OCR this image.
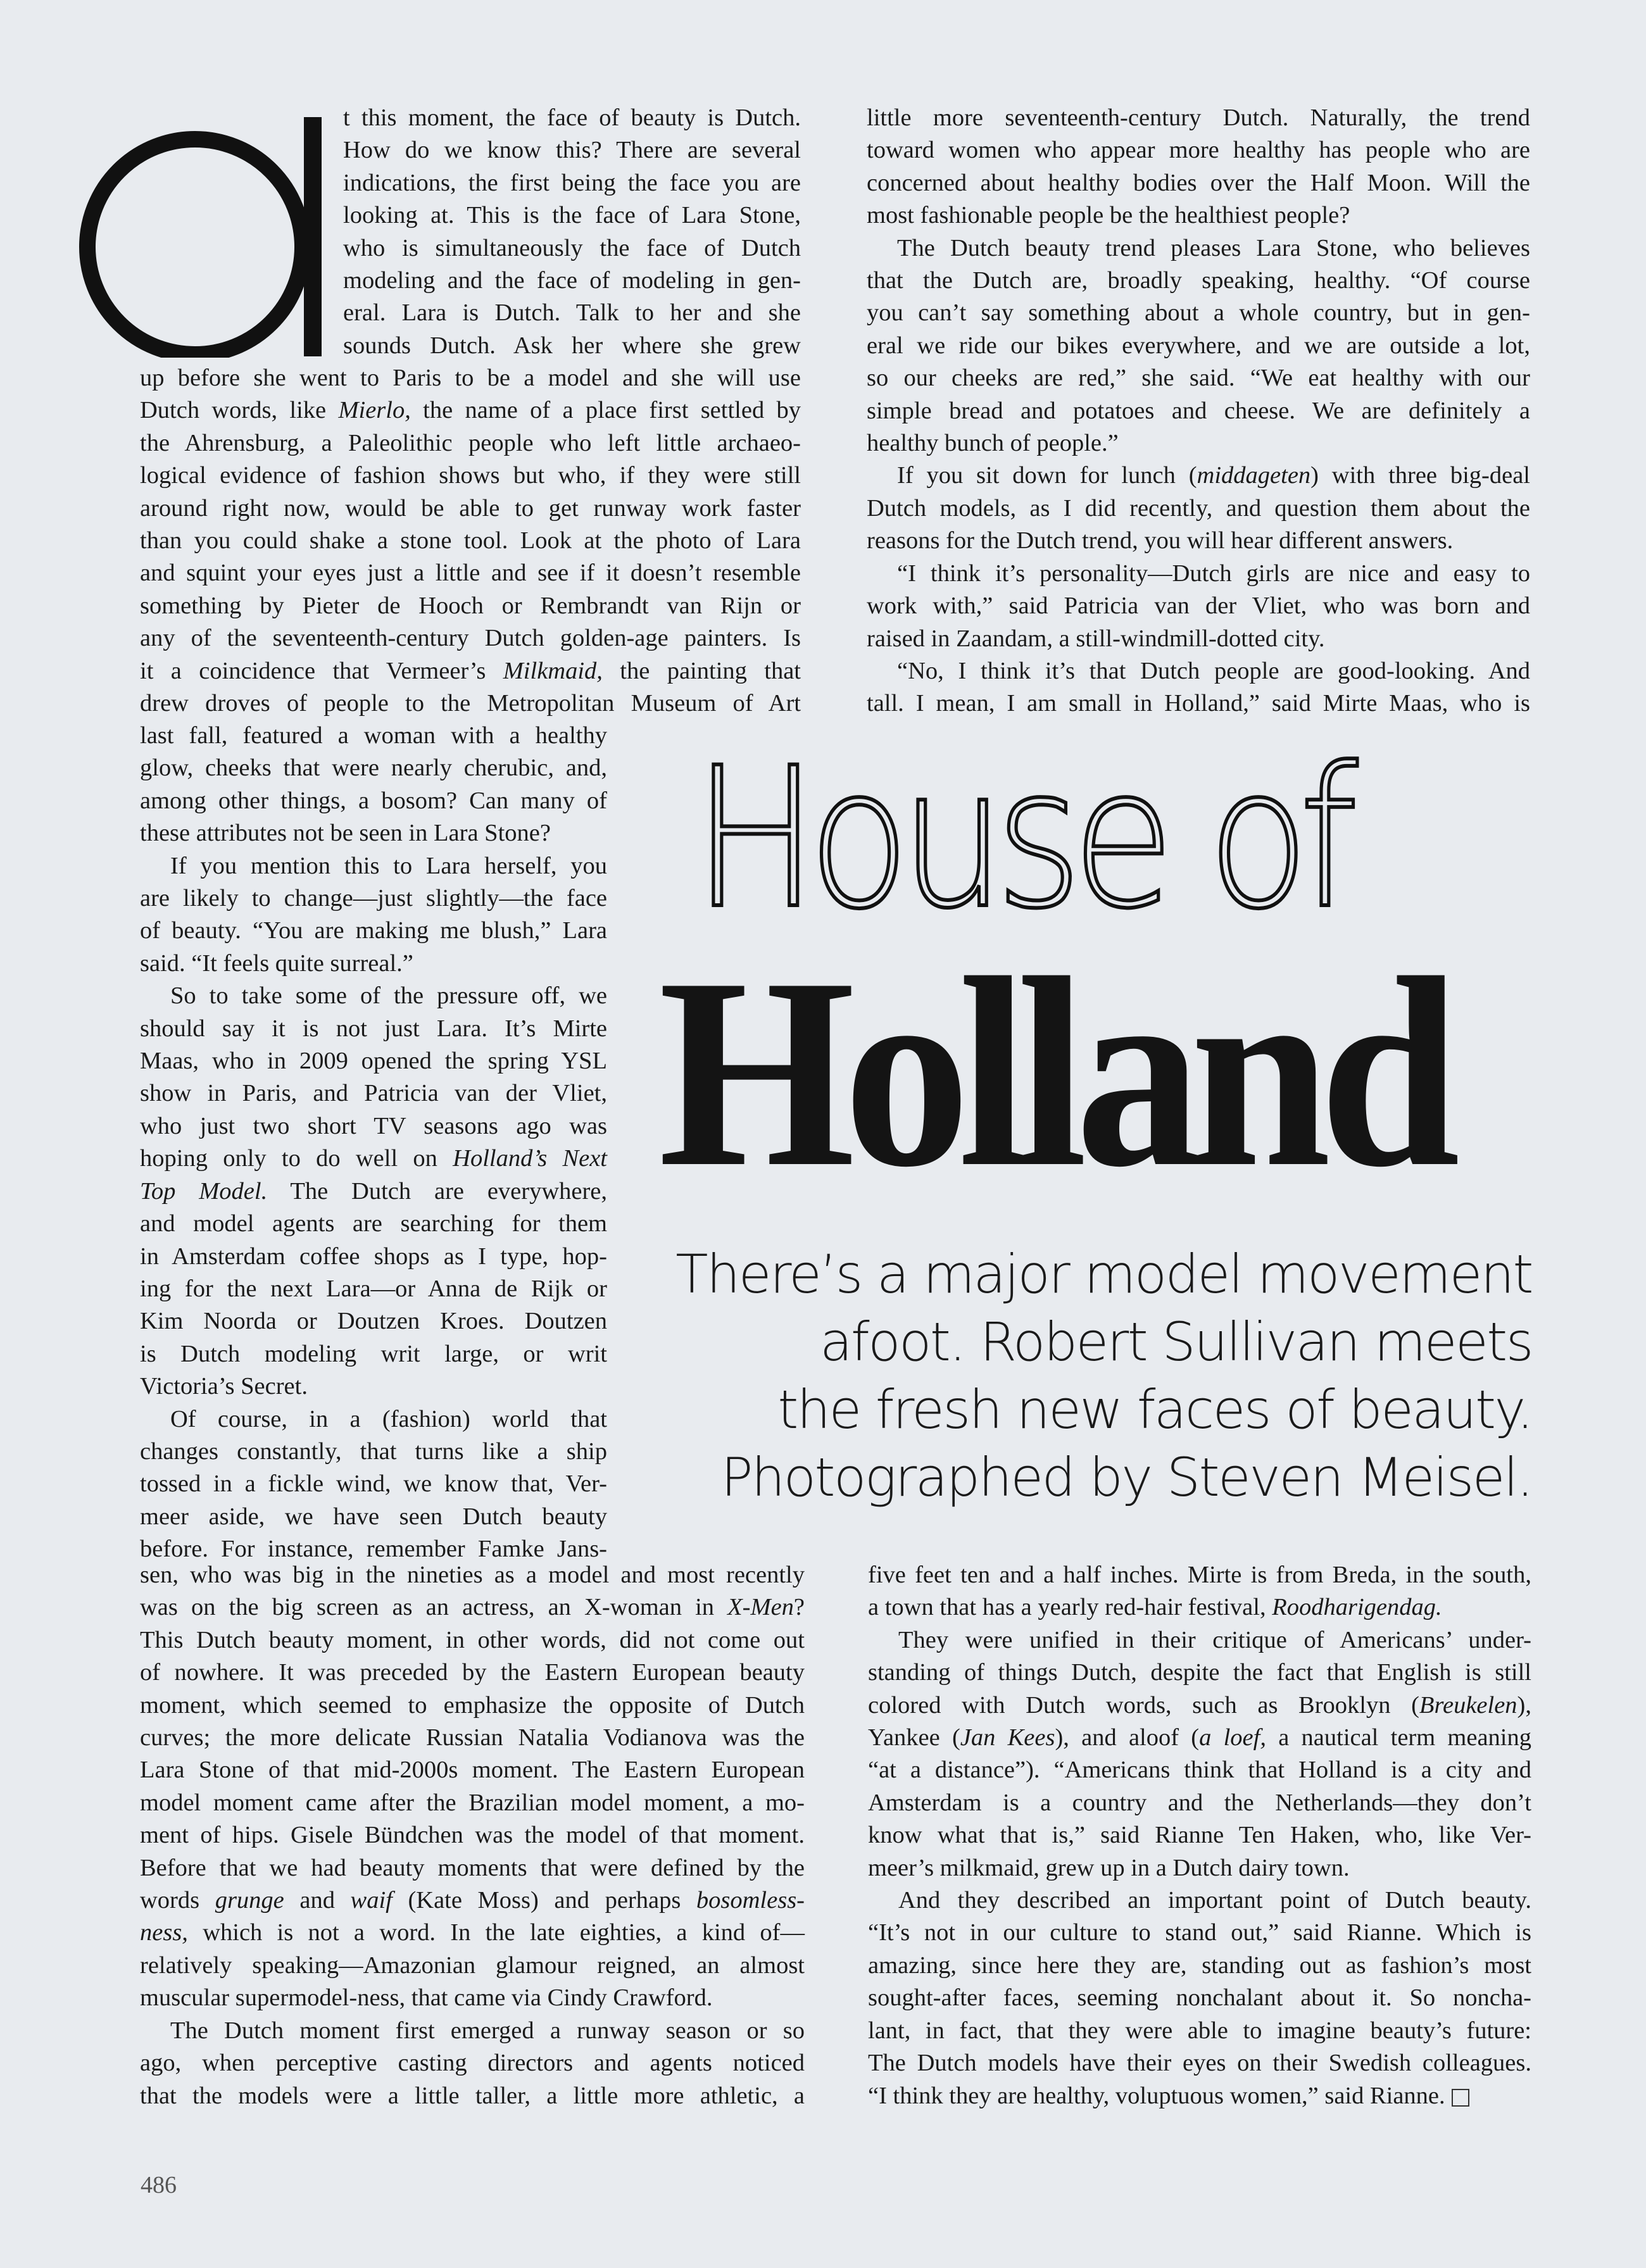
t this moment, the face of beauty is Dutch.
How do we know this? There are several
indications, the first being the face you are
looking at. This is the face of Lara Stone,
who is simultaneously the face of Dutch
modeling and the face of modeling in gen-
eral. Lara is Dutch. Talk to her and she
sounds Dutch. Ask her where she grew
up before she went to Paris to be a model and she will use
Dutch words, like Mierlo, the name of a place first settled by
the Ahrensburg, a Paleolithic people who left little archaeo-
logical evidence of fashion shows but who, if they were still
around right now, would be able to get runway work faster
than you could shake a stone tool. Look at the photo of Lara
and squint your eyes just a little and see if it doesn’t resemble
something by Pieter de Hooch or Rembrandt van Rijn or
any of the seventeenth-century Dutch golden-age painters. Is
it a coincidence that Vermeer’s Milkmaid, the painting that
drew droves of people to the Metropolitan Museum of Art
last fall, featured a woman with a healthy
glow, cheeks that were nearly cherubic, and,
among other things, a bosom? Can many of
these attributes not be seen in Lara Stone?
If you mention this to Lara herself, you
are likely to change—just slightly—the face
of beauty. “You are making me blush,” Lara
said. “It feels quite surreal.”
So to take some of the pressure off, we
should say it is not just Lara. It’s Mirte
Maas, who in 2009 opened the spring YSL
show in Paris, and Patricia van der Vliet,
who just two short TV seasons ago was
hoping only to do well on Holland’s Next
Top Model. The Dutch are everywhere,
and model agents are searching for them
in Amsterdam coffee shops as I type, hop-
ing for the next Lara—or Anna de Rijk or
Kim Noorda or Doutzen Kroes. Doutzen
is Dutch modeling writ large, or writ
Victoria’s Secret.
Of course, in a (fashion) world that
changes constantly, that turns like a ship
tossed in a fickle wind, we know that, Ver-
meer aside, we have seen Dutch beauty
before. For instance, remember Famke Jans-
sen, who was big in the nineties as a model and most recently
was on the big screen as an actress, an X-woman in X-Men?
This Dutch beauty moment, in other words, did not come out
of nowhere. It was preceded by the Eastern European beauty
moment, which seemed to emphasize the opposite of Dutch
curves; the more delicate Russian Natalia Vodianova was the
Lara Stone of that mid-2000s moment. The Eastern European
model moment came after the Brazilian model moment, a mo-
ment of hips. Gisele Bündchen was the model of that moment.
Before that we had beauty moments that were defined by the
words grunge and waif (Kate Moss) and perhaps bosomless-
ness, which is not a word. In the late eighties, a kind of—
relatively speaking—Amazonian glamour reigned, an almost
muscular supermodel-ness, that came via Cindy Crawford.
The Dutch moment first emerged a runway season or so
ago, when perceptive casting directors and agents noticed
that the models were a little taller, a little more athletic, a
little more seventeenth-century Dutch. Naturally, the trend
toward women who appear more healthy has people who are
concerned about healthy bodies over the Half Moon. Will the
most fashionable people be the healthiest people?
The Dutch beauty trend pleases Lara Stone, who believes
that the Dutch are, broadly speaking, healthy. “Of course
you can’t say something about a whole country, but in gen-
eral we ride our bikes everywhere, and we are outside a lot,
so our cheeks are red,” she said. “We eat healthy with our
simple bread and potatoes and cheese. We are definitely a
healthy bunch of people.”
If you sit down for lunch (middageten) with three big-deal
Dutch models, as I did recently, and question them about the
reasons for the Dutch trend, you will hear different answers.
“I think it’s personality—Dutch girls are nice and easy to
work with,” said Patricia van der Vliet, who was born and
raised in Zaandam, a still-windmill-dotted city.
“No, I think it’s that Dutch people are good-looking. And
tall. I mean, I am small in Holland,” said Mirte Maas, who is
five feet ten and a half inches. Mirte is from Breda, in the south,
a town that has a yearly red-hair festival, Roodharigendag.
They were unified in their critique of Americans’ under-
standing of things Dutch, despite the fact that English is still
colored with Dutch words, such as Brooklyn (Breukelen),
Yankee (Jan Kees), and aloof (a loef, a nautical term meaning
“at a distance”). “Americans think that Holland is a city and
Amsterdam is a country and the Netherlands—they don’t
know what that is,” said Rianne Ten Haken, who, like Ver-
meer’s milkmaid, grew up in a Dutch dairy town.
And they described an important point of Dutch beauty.
“It’s not in our culture to stand out,” said Rianne. Which is
amazing, since here they are, standing out as fashion’s most
sought-after faces, seeming nonchalant about it. So noncha-
lant, in fact, that they were able to imagine beauty’s future:
The Dutch models have their eyes on their Swedish colleagues.
“I think they are healthy, voluptuous women,” said Rianne.
House of
Holland
There’s a major model movement
afoot. Robert Sullivan meets
the fresh new faces of beauty.
Photographed by Steven Meisel.
486
